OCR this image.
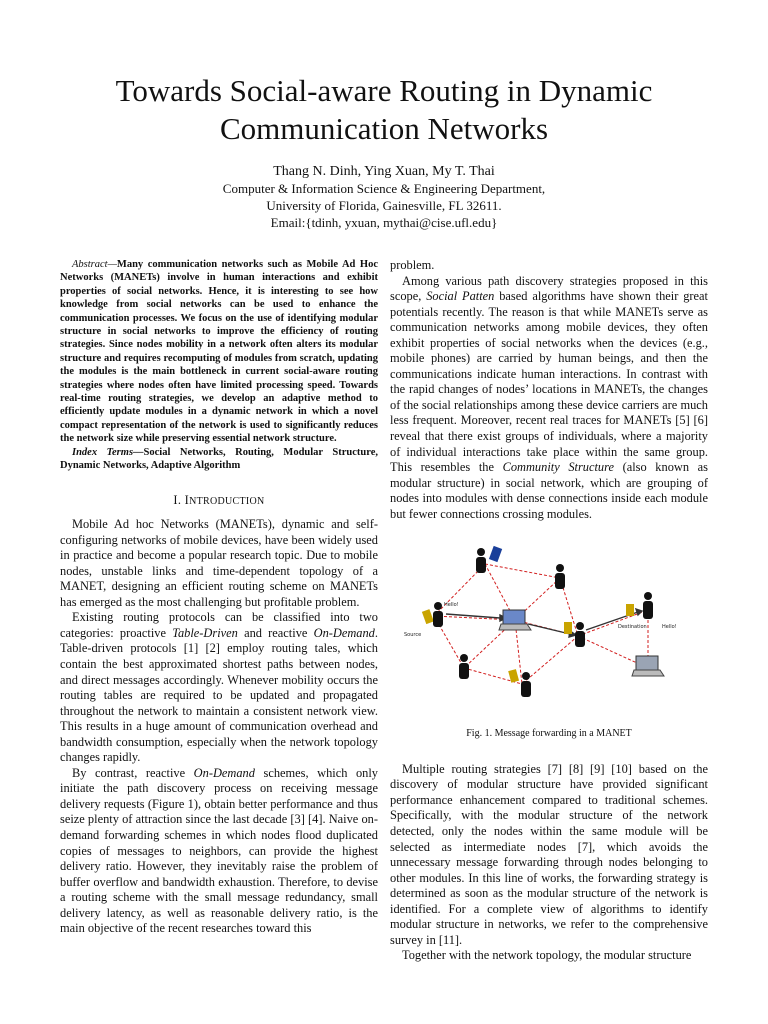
Towards Social-aware Routing in Dynamic Communication Networks
Thang N. Dinh, Ying Xuan, My T. Thai
Computer & Information Science & Engineering Department,
University of Florida, Gainesville, FL 32611.
Email:{tdinh, yxuan, mythai@cise.ufl.edu}

Abstract—Many communication networks such as Mobile Ad Hoc Networks (MANETs) involve in human interactions and exhibit properties of social networks. Hence, it is interesting to see how knowledge from social networks can be used to enhance the communication processes. We focus on the use of identifying modular structure in social networks to improve the efficiency of routing strategies. Since nodes mobility in a network often alters its modular structure and requires recomputing of modules from scratch, updating the modules is the main bottleneck in current social-aware routing strategies where nodes often have limited processing speed. Towards real-time routing strategies, we develop an adaptive method to efficiently update modules in a dynamic network in which a novel compact representation of the network is used to significantly reduces the network size while preserving essential network structure.

Index Terms—Social Networks, Routing, Modular Structure, Dynamic Networks, Adaptive Algorithm

I. INTRODUCTION

Mobile Ad hoc Networks (MANETs), dynamic and self-configuring networks of mobile devices, have been widely used in practice and become a popular research topic. Due to mobile nodes, unstable links and time-dependent topology of a MANET, designing an efficient routing scheme on MANETs has emerged as the most challenging but profitable problem.

Existing routing protocols can be classified into two categories: proactive Table-Driven and reactive On-Demand. Table-driven protocols [1] [2] employ routing tales, which contain the best approximated shortest paths between nodes, and direct messages accordingly. Whenever mobility occurs the routing tables are required to be updated and propagated throughout the network to maintain a consistent network view. This results in a huge amount of communication overhead and bandwidth consumption, especially when the network topology changes rapidly.

By contrast, reactive On-Demand schemes, which only initiate the path discovery process on receiving message delivery requests (Figure 1), obtain better performance and thus seize plenty of attraction since the last decade [3] [4]. Naive on-demand forwarding schemes in which nodes flood duplicated copies of messages to neighbors, can provide the highest delivery ratio. However, they inevitably raise the problem of buffer overflow and bandwidth exhaustion. Therefore, to devise a routing scheme with the small message redundancy, small delivery latency, as well as reasonable delivery ratio, is the main objective of the recent researches toward this

problem.

Among various path discovery strategies proposed in this scope, Social Patten based algorithms have shown their great potentials recently. The reason is that while MANETs serve as communication networks among mobile devices, they often exhibit properties of social networks when the devices (e.g., mobile phones) are carried by human beings, and then the communications indicate human interactions. In contrast with the rapid changes of nodes’ locations in MANETs, the changes of the social relationships among these device carriers are much less frequent. Moreover, recent real traces for MANETs [5] [6] reveal that there exist groups of individuals, where a majority of individual interactions take place within the same group. This resembles the Community Structure (also known as modular structure) in social network, which are grouping of nodes into modules with dense connections inside each module but fewer connections crossing modules.

Hello!
Source
Destination	Hello!
Fig. 1. Message forwarding in a MANET

Multiple routing strategies [7] [8] [9] [10] based on the discovery of modular structure have provided significant performance enhancement compared to traditional schemes. Specifically, with the modular structure of the network detected, only the nodes within the same module will be selected as intermediate nodes [7], which avoids the unnecessary message forwarding through nodes belonging to other modules. In this line of works, the forwarding strategy is determined as soon as the modular structure of the network is identified. For a complete view of algorithms to identify modular structure in networks, we refer to the comprehensive survey in [11].

Together with the network topology, the modular structure
